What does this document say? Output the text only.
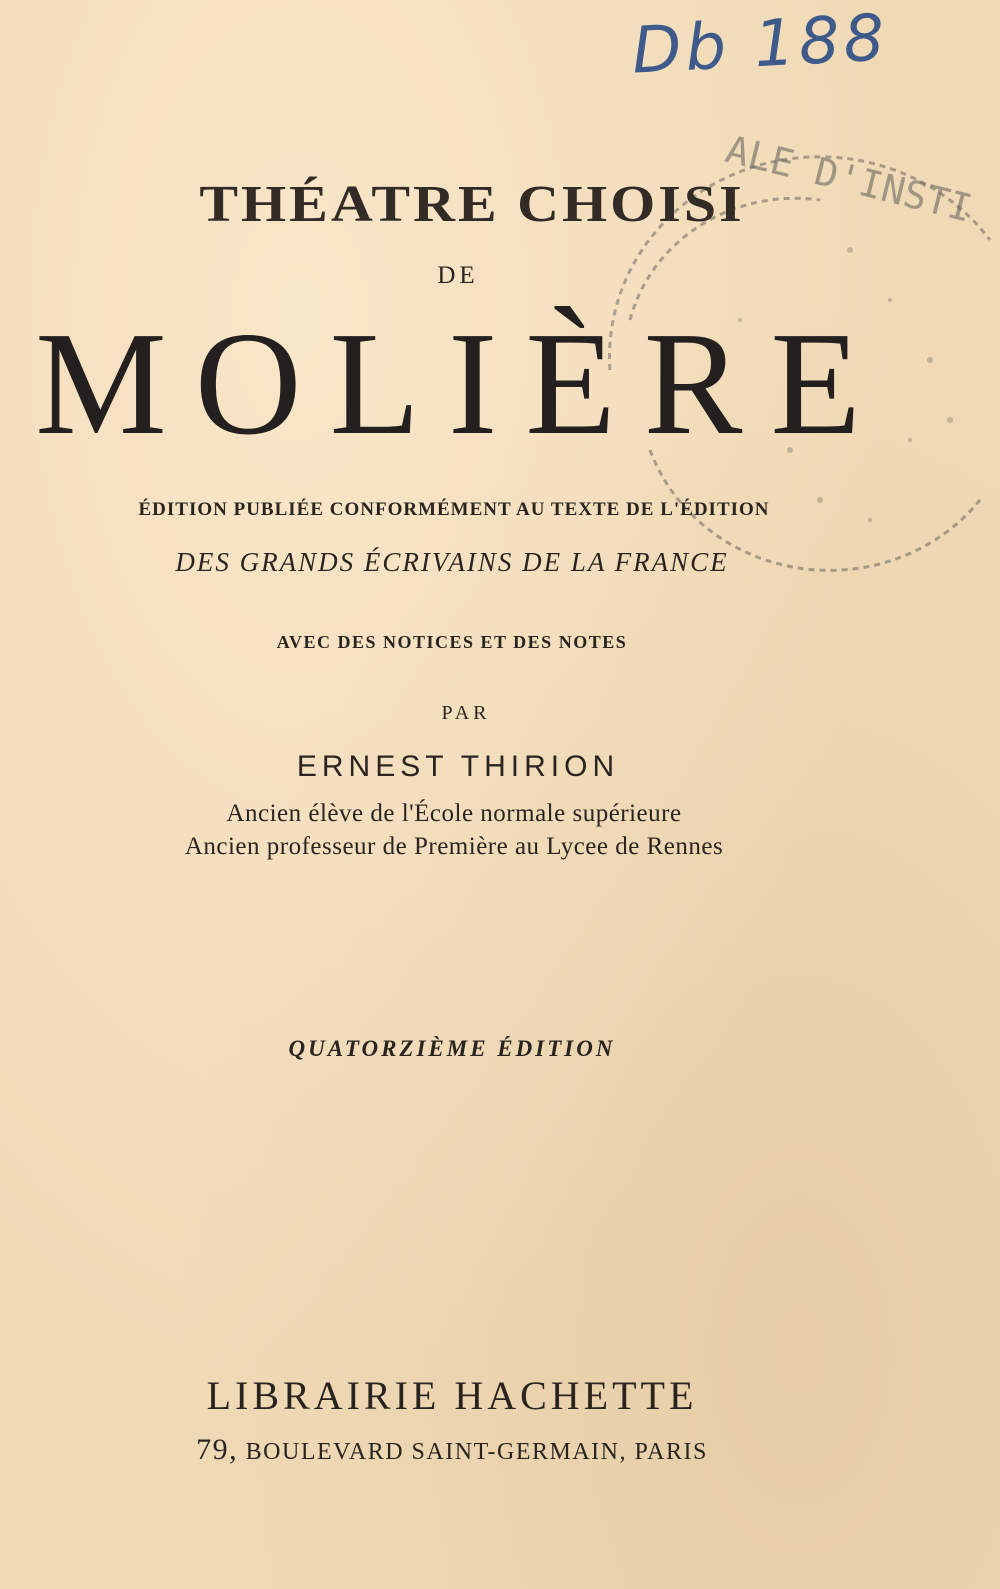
Db 188
ALE D'INSTI
THÉATRE CHOISI
DE
MOLIÈRE
ÉDITION PUBLIÉE CONFORMÉMENT AU TEXTE DE L'ÉDITION
DES GRANDS ÉCRIVAINS DE LA FRANCE
AVEC DES NOTICES ET DES NOTES
PAR
ERNEST THIRION
Ancien élève de l'École normale supérieure
Ancien professeur de Première au Lycee de Rennes
QUATORZIÈME ÉDITION
LIBRAIRIE HACHETTE
79, BOULEVARD SAINT-GERMAIN, PARIS
